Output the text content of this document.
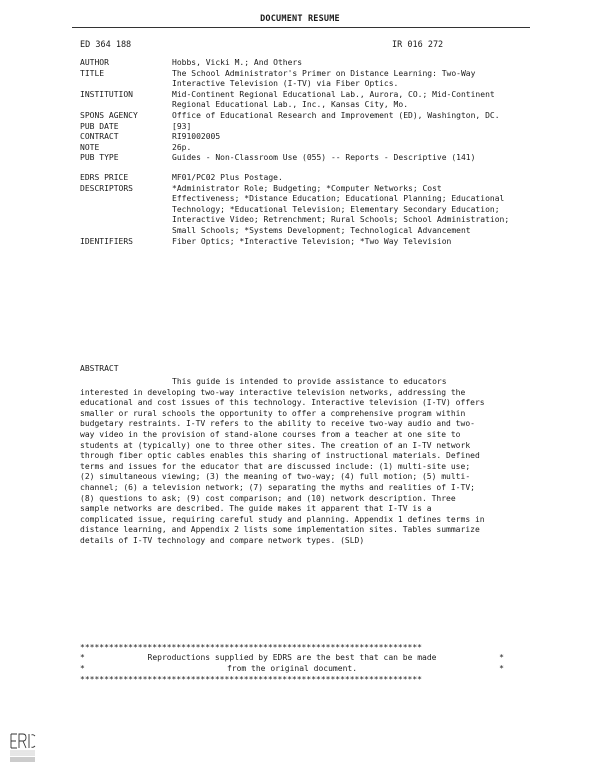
DOCUMENT RESUME
ED 364 188	IR 016 272
AUTHOR	Hobbs, Vicki M.; And Others
TITLE	The School Administrator's Primer on Distance Learning: Two-Way Interactive Television (I-TV) via Fiber Optics.
INSTITUTION	Mid-Continent Regional Educational Lab., Aurora, CO.; Mid-Continent Regional Educational Lab., Inc., Kansas City, Mo.
SPONS AGENCY	Office of Educational Research and Improvement (ED), Washington, DC.
PUB DATE	[93]
CONTRACT	RI91002005
NOTE	26p.
PUB TYPE	Guides - Non-Classroom Use (055) -- Reports - Descriptive (141)
EDRS PRICE	MF01/PC02 Plus Postage.
DESCRIPTORS	*Administrator Role; Budgeting; *Computer Networks; Cost Effectiveness; *Distance Education; Educational Planning; Educational Technology; *Educational Television; Elementary Secondary Education; Interactive Video; Retrenchment; Rural Schools; School Administration; Small Schools; *Systems Development; Technological Advancement
IDENTIFIERS	Fiber Optics; *Interactive Television; *Two Way Television
ABSTRACT
This guide is intended to provide assistance to educators interested in developing two-way interactive television networks, addressing the educational and cost issues of this technology. Interactive television (I-TV) offers smaller or rural schools the opportunity to offer a comprehensive program within budgetary restraints. I-TV refers to the ability to receive two-way audio and two-way video in the provision of stand-alone courses from a teacher at one site to students at (typically) one to three other sites. The creation of an I-TV network through fiber optic cables enables this sharing of instructional materials. Defined terms and issues for the educator that are discussed include: (1) multi-site use; (2) simultaneous viewing; (3) the meaning of two-way; (4) full motion; (5) multi-channel; (6) a television network; (7) separating the myths and realities of I-TV; (8) questions to ask; (9) cost comparison; and (10) network description. Three sample networks are described. The guide makes it apparent that I-TV is a complicated issue, requiring careful study and planning. Appendix 1 defines terms in distance learning, and Appendix 2 lists some implementation sites. Tables summarize details of I-TV technology and compare network types. (SLD)
***********************************************************************
*	Reproductions supplied by EDRS are the best that can be made	*
*	from the original document.	*
***********************************************************************
